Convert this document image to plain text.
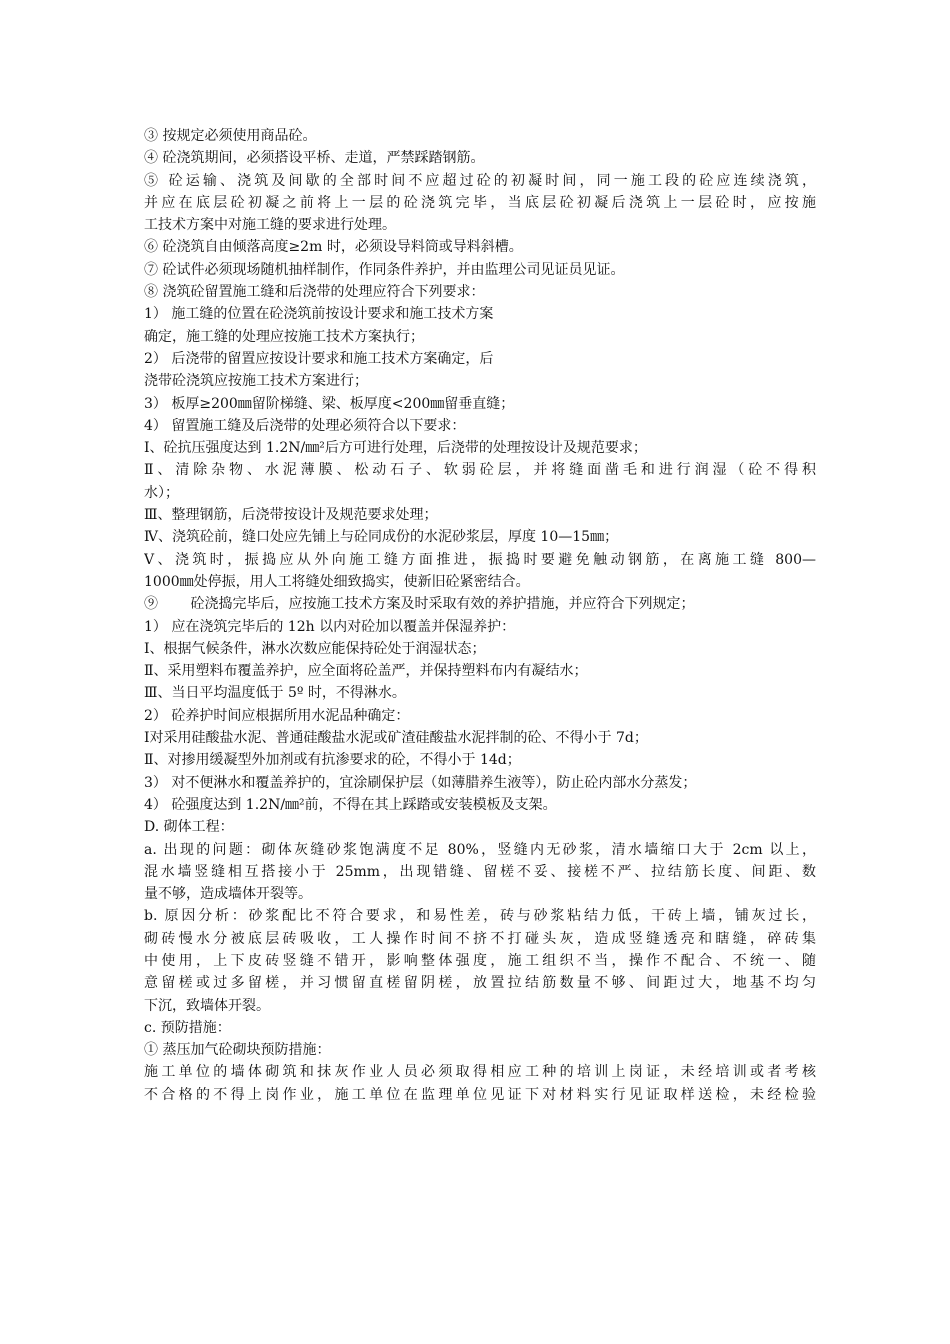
③ 按规定必须使用商品砼。
④ 砼浇筑期间，必须搭设平桥、走道，严禁踩踏钢筋。
⑤ 砼运输、浇筑及间歇的全部时间不应超过砼的初凝时间，同一施工段的砼应连续浇筑，
并应在底层砼初凝之前将上一层的砼浇筑完毕，当底层砼初凝后浇筑上一层砼时，应按施
工技术方案中对施工缝的要求进行处理。
⑥ 砼浇筑自由倾落高度≥2m 时，必须设导料筒或导料斜槽。
⑦ 砼试件必须现场随机抽样制作，作同条件养护，并由监理公司见证员见证。
⑧ 浇筑砼留置施工缝和后浇带的处理应符合下列要求：
1） 施工缝的位置在砼浇筑前按设计要求和施工技术方案
确定，施工缝的处理应按施工技术方案执行；
2） 后浇带的留置应按设计要求和施工技术方案确定，后
浇带砼浇筑应按施工技术方案进行；
3） 板厚≥200㎜留阶梯缝、梁、板厚度<200㎜留垂直缝；
4） 留置施工缝及后浇带的处理必须符合以下要求：
Ⅰ、砼抗压强度达到 1.2N/㎜²后方可进行处理，后浇带的处理按设计及规范要求；
Ⅱ、清除杂物、水泥薄膜、松动石子、软弱砼层，并将缝面凿毛和进行润湿（砼不得积
水）；
Ⅲ、整理钢筋，后浇带按设计及规范要求处理；
Ⅳ、浇筑砼前，缝口处应先铺上与砼同成份的水泥砂浆层，厚度 10—15㎜；
Ⅴ、浇筑时，振捣应从外向施工缝方面推进，振捣时要避免触动钢筋，在离施工缝 800—
1000㎜处停振，用人工将缝处细致捣实，使新旧砼紧密结合。
⑨ 　　砼浇捣完毕后，应按施工技术方案及时采取有效的养护措施，并应符合下列规定；
1） 应在浇筑完毕后的 12h 以内对砼加以覆盖并保湿养护：
Ⅰ、根据气候条件，淋水次数应能保持砼处于润湿状态；
Ⅱ、采用塑料布覆盖养护，应全面将砼盖严，并保持塑料布内有凝结水；
Ⅲ、当日平均温度低于 5º 时，不得淋水。
2） 砼养护时间应根据所用水泥品种确定：
Ⅰ对采用硅酸盐水泥、普通硅酸盐水泥或矿渣硅酸盐水泥拌制的砼、不得小于 7d；
Ⅱ、对掺用缓凝型外加剂或有抗渗要求的砼，不得小于 14d；
3） 对不便淋水和覆盖养护的，宜涂刷保护层（如薄腊养生液等），防止砼内部水分蒸发；
4） 砼强度达到 1.2N/㎜²前，不得在其上踩踏或安装模板及支架。
D. 砌体工程：
a. 出现的问题：砌体灰缝砂浆饱满度不足 80%，竖缝内无砂浆，清水墙缩口大于 2cm 以上，
混水墙竖缝相互搭接小于 25mm，出现错缝、留槎不妥、接槎不严、拉结筋长度、间距、数
量不够，造成墙体开裂等。
b. 原因分析：砂浆配比不符合要求，和易性差，砖与砂浆粘结力低，干砖上墙，铺灰过长，
砌砖慢水分被底层砖吸收，工人操作时间不挤不打碰头灰，造成竖缝透亮和瞎缝，碎砖集
中使用，上下皮砖竖缝不错开，影响整体强度，施工组织不当，操作不配合、不统一、随
意留槎或过多留槎，并习惯留直槎留阴槎，放置拉结筋数量不够、间距过大，地基不均匀
下沉，致墙体开裂。
c. 预防措施：
① 蒸压加气砼砌块预防措施：
施工单位的墙体砌筑和抹灰作业人员必须取得相应工种的培训上岗证，未经培训或者考核
不合格的不得上岗作业，施工单位在监理单位见证下对材料实行见证取样送检，未经检验
